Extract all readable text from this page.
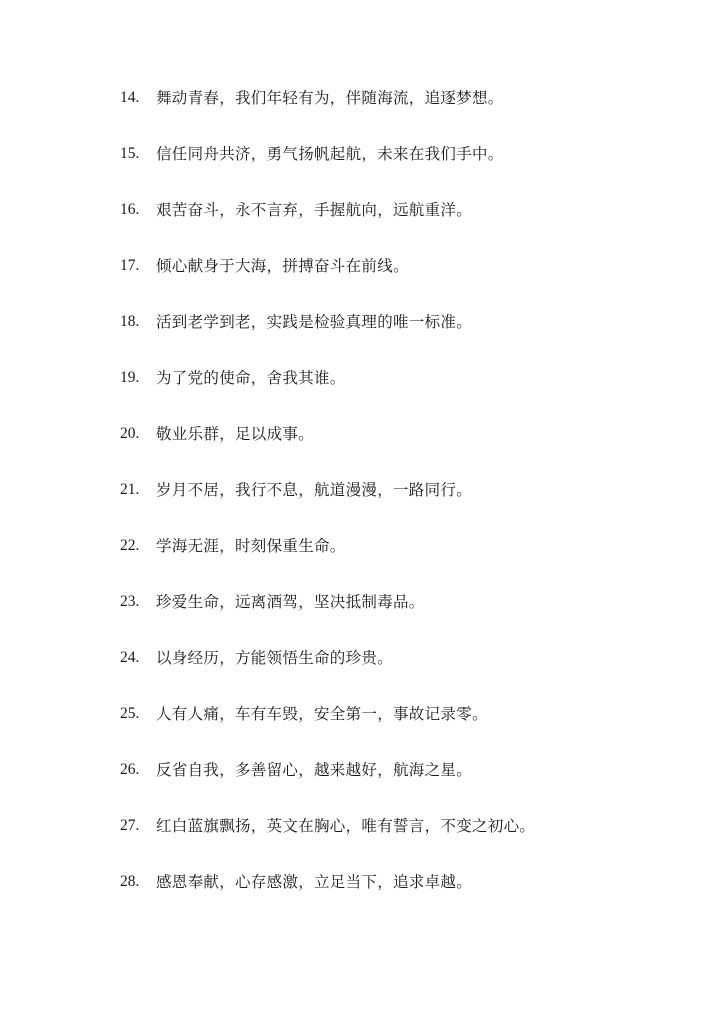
14.	舞动青春，我们年轻有为，伴随海流，追逐梦想。
15.	信任同舟共济，勇气扬帆起航，未来在我们手中。
16.	艰苦奋斗，永不言弃，手握航向，远航重洋。
17.	倾心献身于大海，拼搏奋斗在前线。
18.	活到老学到老，实践是检验真理的唯一标准。
19.	为了党的使命，舍我其谁。
20.	敬业乐群，足以成事。
21.	岁月不居，我行不息，航道漫漫，一路同行。
22.	学海无涯，时刻保重生命。
23.	珍爱生命，远离酒驾，坚决抵制毒品。
24.	以身经历，方能领悟生命的珍贵。
25.	人有人痛，车有车毁，安全第一，事故记录零。
26.	反省自我，多善留心，越来越好，航海之星。
27.	红白蓝旗飘扬，英文在胸心，唯有誓言，不变之初心。
28.	感恩奉献，心存感激，立足当下，追求卓越。
